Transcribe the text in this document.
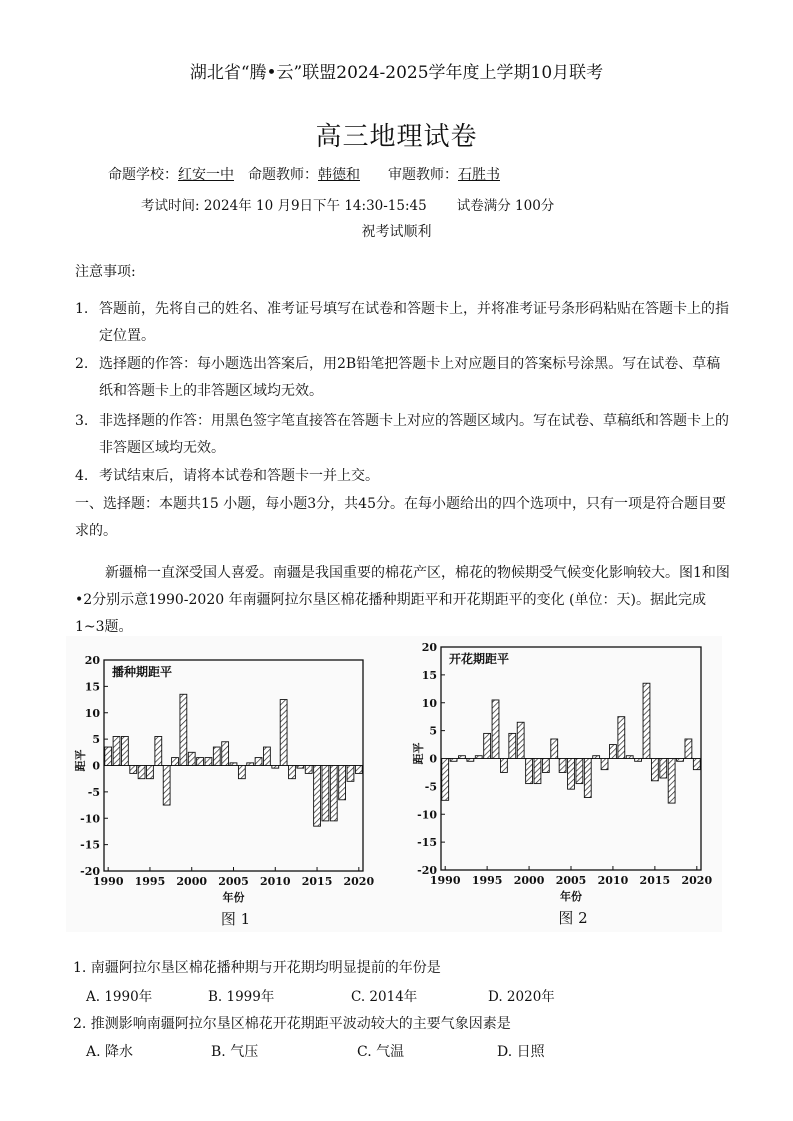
湖北省“腾•云”联盟2024-2025学年度上学期10月联考
高三地理试卷
命题学校：红安一中 命题教师：韩德和 审题教师：石胜书
考试时间: 2024年 10 月9日下午 14:30-15:45 试卷满分 100分
祝考试顺利
注意事项:
1. 答题前，先将自己的姓名、准考证号填写在试卷和答题卡上，并将准考证号条形码粘贴在答题卡上的指定位置。
2. 选择题的作答：每小题选出答案后，用2B铅笔把答题卡上对应题目的答案标号涂黑。写在试卷、草稿纸和答题卡上的非答题区域均无效。
3. 非选择题的作答：用黑色签字笔直接答在答题卡上对应的答题区域内。写在试卷、草稿纸和答题卡上的非答题区域均无效。
4. 考试结束后，请将本试卷和答题卡一并上交。
一、选择题：本题共15 小题，每小题3分，共45分。在每小题给出的四个选项中，只有一项是符合题目要求的。
新疆棉一直深受国人喜爱。南疆是我国重要的棉花产区，棉花的物候期受气候变化影响较大。图1和图•2分别示意1990-2020 年南疆阿拉尔垦区棉花播种期距平和开花期距平的变化 (单位：天)。据此完成1~3题。
20
15
10
5
0
-5
-10
-15
-20
1990 1995 2000 2005 2010 2015 2020
播种期距平
年份
距平
图 1
20
15
10
5
0
-5
-10
-15
-20
1990 1995 2000 2005 2010 2015 2020
开花期距平
年份
距平
图 2
1. 南疆阿拉尔垦区棉花播种期与开花期均明显提前的年份是
A. 1990年	B. 1999年	C. 2014年	D. 2020年
2. 推测影响南疆阿拉尔垦区棉花开花期距平波动较大的主要气象因素是
A. 降水	B. 气压	C. 气温	D. 日照
